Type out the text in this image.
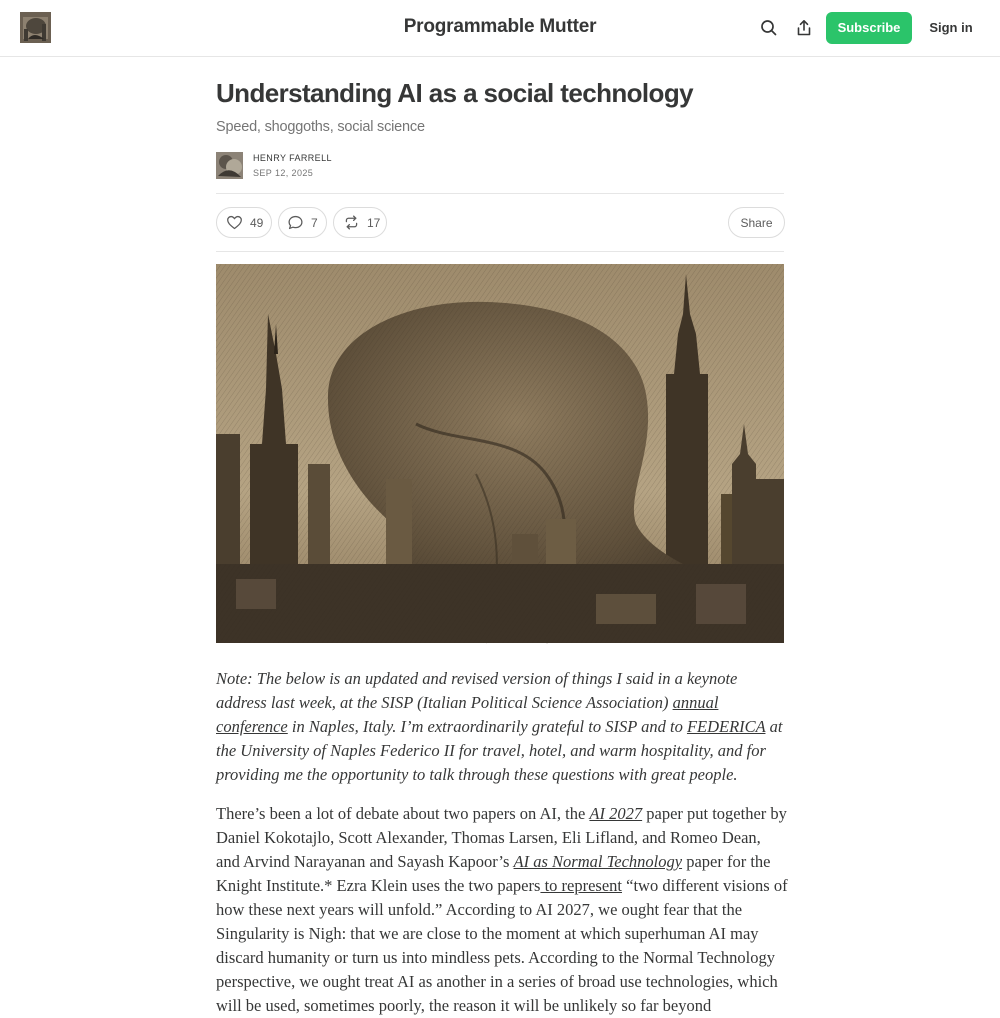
Programmable Mutter	Subscribe	Sign in
Understanding AI as a social technology
Speed, shoggoths, social science
HENRY FARRELL
SEP 12, 2025
49	7	17	Share

Note: The below is an updated and revised version of things I said in a keynote address last week, at the SISP (Italian Political Science Association) annual conference in Naples, Italy. I’m extraordinarily grateful to SISP and to FEDERICA at the University of Naples Federico II for travel, hotel, and warm hospitality, and for providing me the opportunity to talk through these questions with great people.

There’s been a lot of debate about two papers on AI, the AI 2027 paper put together by Daniel Kokotajlo, Scott Alexander, Thomas Larsen, Eli Lifland, and Romeo Dean, and Arvind Narayanan and Sayash Kapoor’s AI as Normal Technology paper for the Knight Institute.* Ezra Klein uses the two papers to represent “two different visions of how these next years will unfold.” According to AI 2027, we ought fear that the Singularity is Nigh: that we are close to the moment at which superhuman AI may discard humanity or turn us into mindless pets. According to the Normal Technology perspective, we ought treat AI as another in a series of broad use technologies, which will be used, sometimes poorly, the reason it will be unlikely so far beyond
